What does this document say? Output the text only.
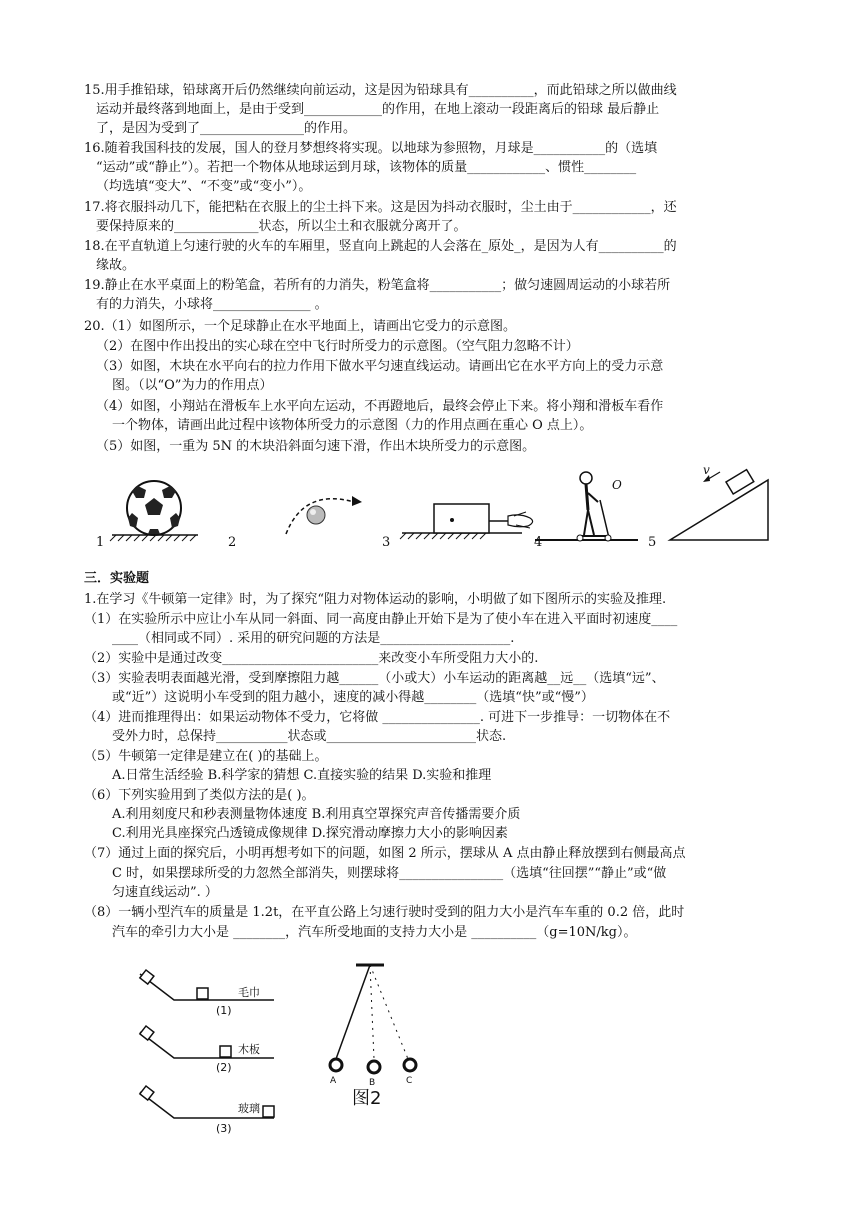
15.用手推铅球，铅球离开后仍然继续向前运动，这是因为铅球具有__________，而此铅球之所以做曲线
运动并最终落到地面上，是由于受到____________的作用，在地上滚动一段距离后的铅球 最后静止
了，是因为受到了________________的作用。
16.随着我国科技的发展，国人的登月梦想终将实现。以地球为参照物，月球是___________的（选填
“运动”或“静止”）。若把一个物体从地球运到月球，该物体的质量____________、惯性________
（均选填“变大”、“不变”或“变小”）。
17.将衣服抖动几下，能把粘在衣服上的尘土抖下来。这是因为抖动衣服时，尘土由于____________，还
要保持原来的_____________状态，所以尘土和衣服就分离开了。
18.在平直轨道上匀速行驶的火车的车厢里，竖直向上跳起的人会落在_原处_，是因为人有__________的
缘故。
19.静止在水平桌面上的粉笔盒，若所有的力消失，粉笔盒将___________；做匀速圆周运动的小球若所
有的力消失，小球将_______________ 。
20.（1）如图所示，一个足球静止在水平地面上，请画出它受力的示意图。
（2）在图中作出投出的实心球在空中飞行时所受力的示意图。（空气阻力忽略不计）
（3）如图，木块在水平向右的拉力作用下做水平匀速直线运动。请画出它在水平方向上的受力示意
图。（以“O”为力的作用点）
（4）如图，小翔站在滑板车上水平向左运动，不再蹬地后，最终会停止下来。将小翔和滑板车看作
一个物体，请画出此过程中该物体所受力的示意图（力的作用点画在重心 O 点上）。
（5）如图，一重为 5N 的木块沿斜面匀速下滑，作出木块所受力的示意图。
1	2	3	4	5
O
v
三．实验题
1.在学习《牛顿第一定律》时，为了探究“阻力对物体运动的影响，小明做了如下图所示的实验及推理.
（1）在实验所示中应让小车从同一斜面、同一高度由静止开始下是为了使小车在进入平面时初速度____
____（相同或不同）. 采用的研究问题的方法是____________________.
（2）实验中是通过改变________________________来改变小车所受阻力大小的.
（3）实验表明表面越光滑，受到摩擦阻力越______（小或大）小车运动的距离越__远__（选填“远”、
或“近”）这说明小车受到的阻力越小，速度的减小得越________（选填“快”或“慢”）
（4）进而推理得出：如果运动物体不受力，它将做 _______________. 可进下一步推导：一切物体在不
受外力时，总保持___________状态或_______________________状态.
（5）牛顿第一定律是建立在( )的基础上。
A.日常生活经验 B.科学家的猜想 C.直接实验的结果 D.实验和推理
（6）下列实验用到了类似方法的是( )。
A.利用刻度尺和秒表测量物体速度 B.利用真空罩探究声音传播需要介质
C.利用光具座探究凸透镜成像规律 D.探究滑动摩擦力大小的影响因素
（7）通过上面的探究后，小明再想考如下的问题，如图 2 所示，摆球从 A 点由静止释放摆到右侧最高点
C 时，如果摆球所受的力忽然全部消失，则摆球将________________（选填“往回摆”“静止”或“做
匀速直线运动”. ）
（8）一辆小型汽车的质量是 1.2t，在平直公路上匀速行驶时受到的阻力大小是汽车车重的 0.2 倍，此时
汽车的牵引力大小是 ________，汽车所受地面的支持力大小是 __________（g=10N/kg）。
毛巾
(1)
木板
(2)
玻璃
(3)
A	B	C
图2
